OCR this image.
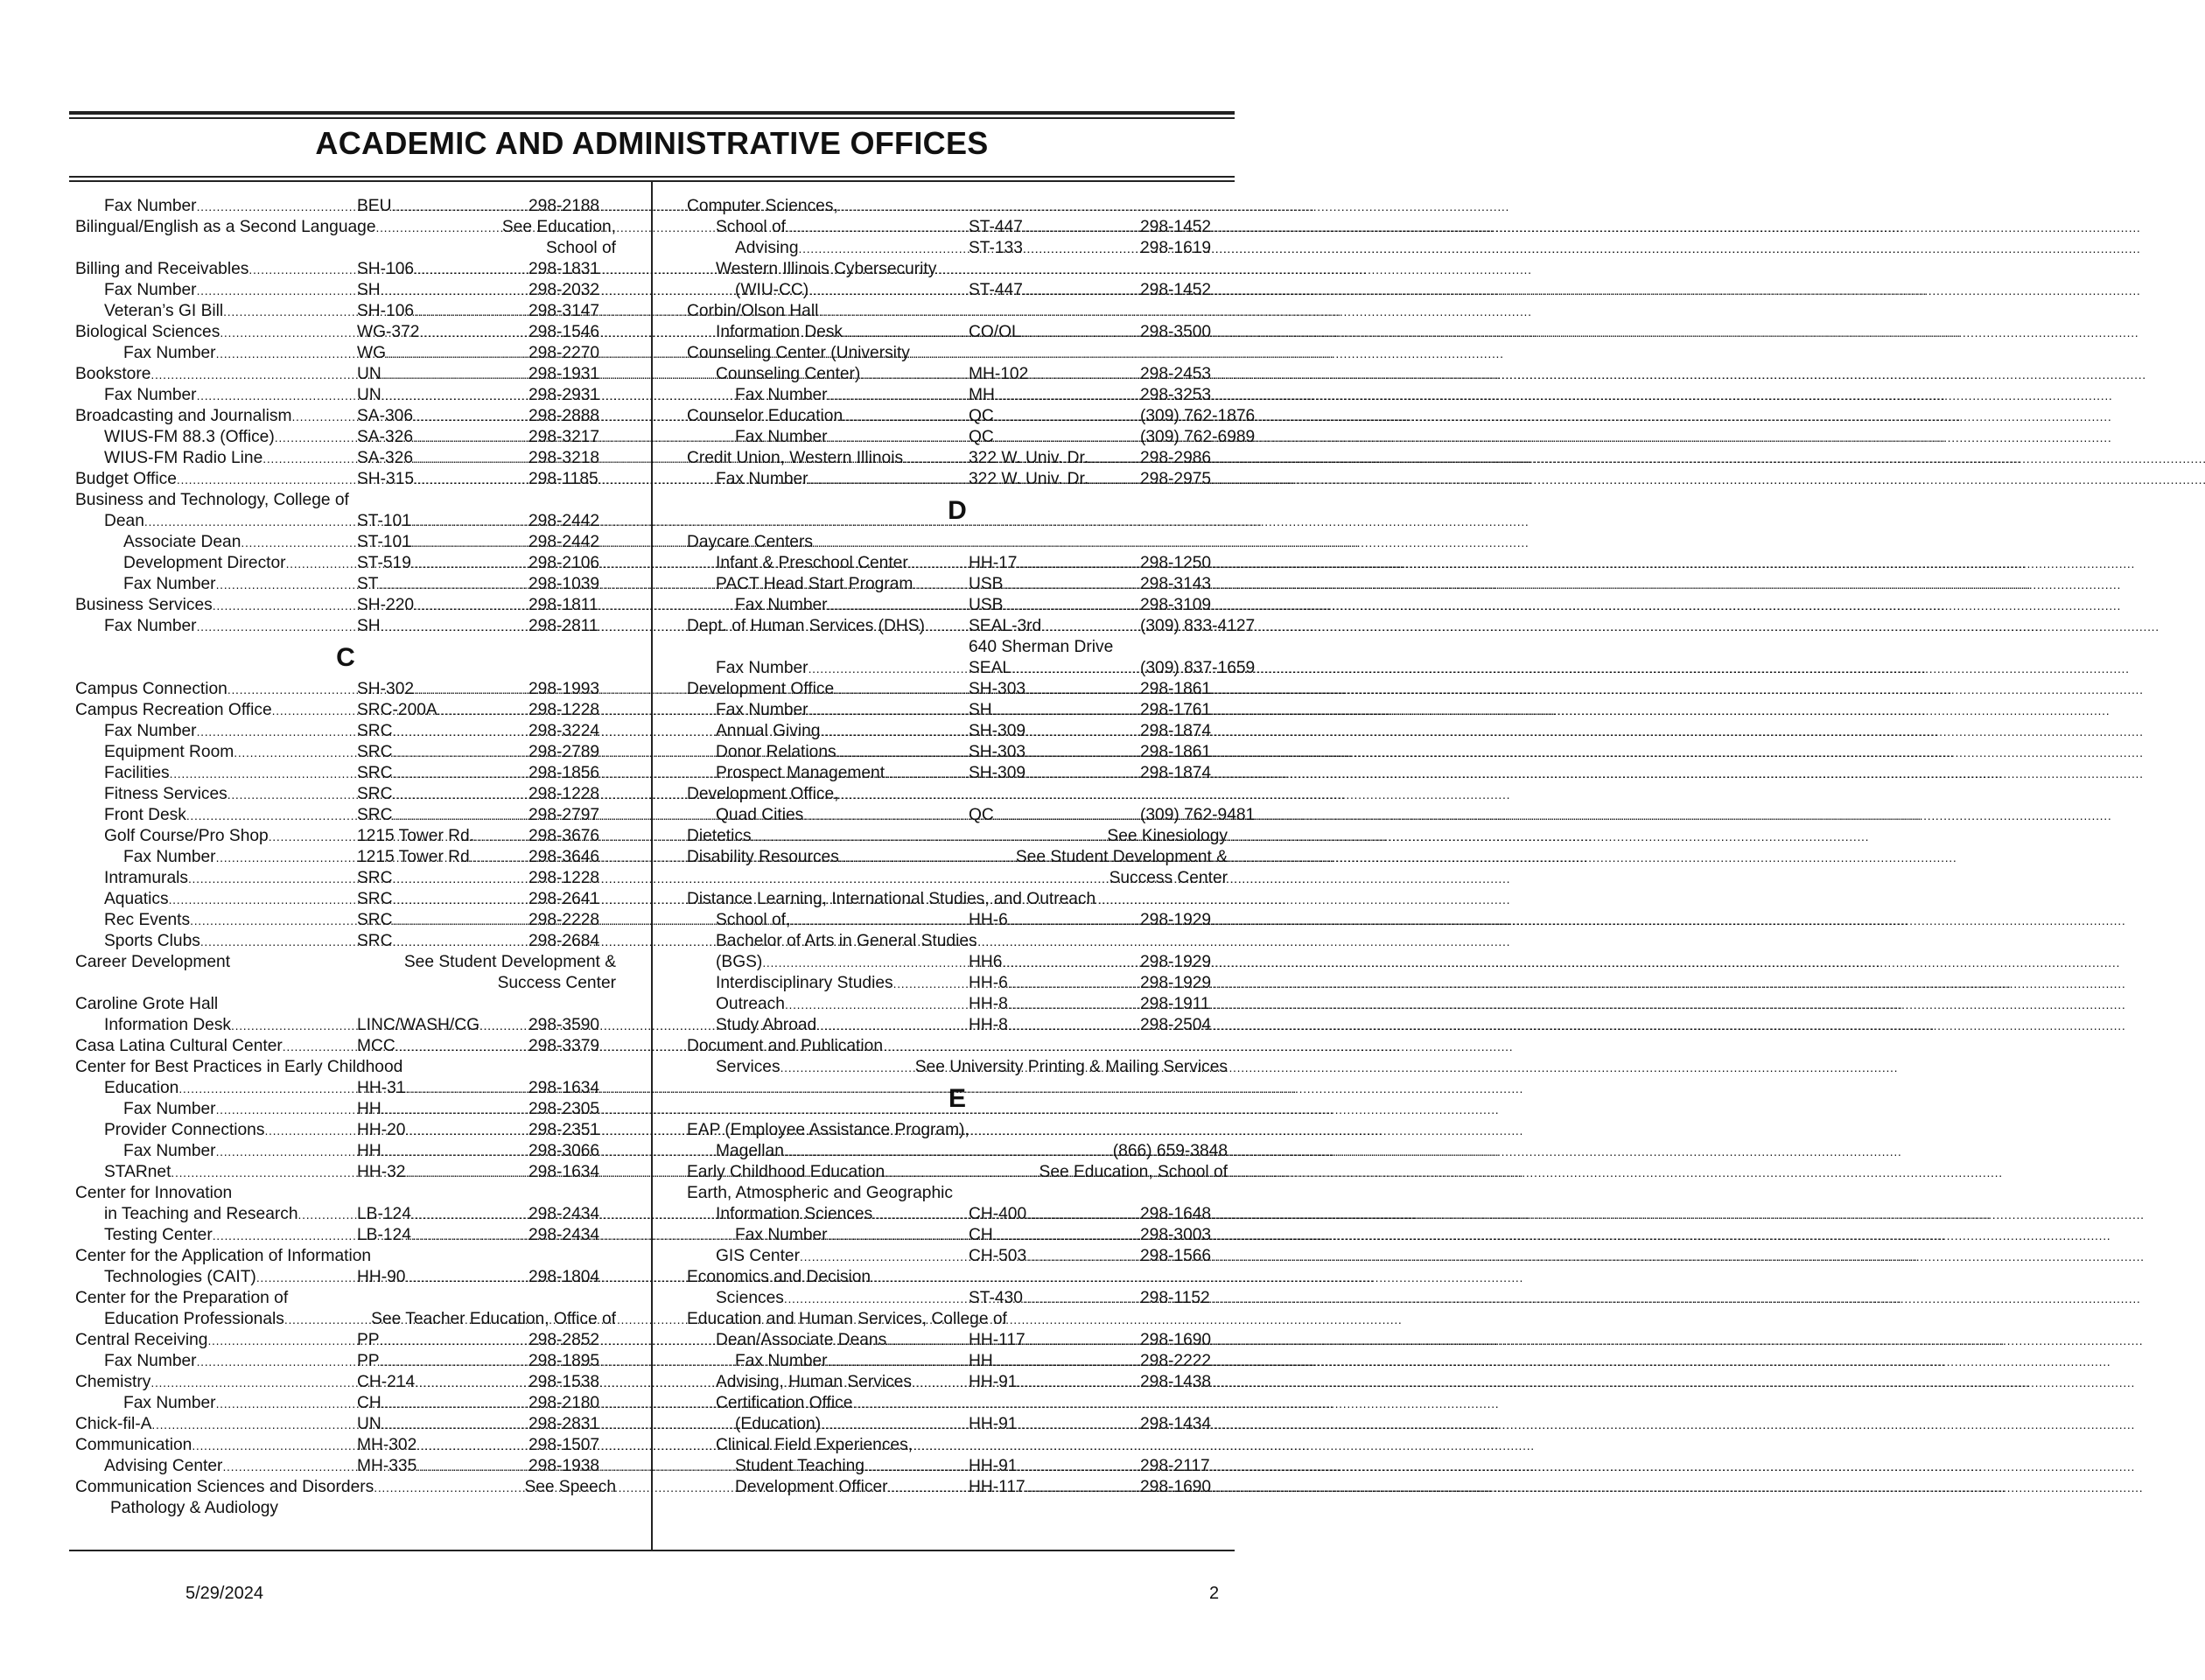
ACADEMIC AND ADMINISTRATIVE OFFICES
Fax Number . . .	BEU . . .	298-2188
Bilingual/English as a Second Language . . .	See Education,
School of
Billing and Receivables . . .	SH-106 . . .	298-1831
Fax Number . . .	SH . . .	298-2032
Veteran’s GI Bill . . .	SH-106 . . .	298-3147
Biological Sciences . . .	WG-372 . . .	298-1546
Fax Number . . .	WG . . .	298-2270
Bookstore . . .	UN . . .	298-1931
Fax Number . . .	UN . . .	298-2931
Broadcasting and Journalism . . .	SA-306 . . .	298-2888
WIUS-FM 88.3 (Office) . . .	SA-326 . . .	298-3217
WIUS-FM Radio Line . . .	SA-326 . . .	298-3218
Budget Office . . .	SH-315 . . .	298-1185
Business and Technology, College of
Dean . . .	ST-101 . . .	298-2442
Associate Dean . . .	ST-101 . . .	298-2442
Development Director . . .	ST-519 . . .	298-2106
Fax Number . . .	ST . . .	298-1039
Business Services . . .	SH-220 . . .	298-1811
Fax Number . . .	SH . . .	298-2811
C
Campus Connection . . .	SH-302 . . .	298-1993
Campus Recreation Office . . .	SRC-200A . . .	298-1228
Fax Number . . .	SRC . . .	298-3224
Equipment Room . . .	SRC . . .	298-2789
Facilities . . .	SRC . . .	298-1856
Fitness Services . . .	SRC . . .	298-1228
Front Desk . . .	SRC . . .	298-2797
Golf Course/Pro Shop . . .	1215 Tower Rd. . . .	298-3676
Fax Number . . .	1215 Tower Rd . . .	298-3646
Intramurals . . .	SRC . . .	298-1228
Aquatics . . .	SRC . . .	298-2641
Rec Events . . .	SRC . . .	298-2228
Sports Clubs . . .	SRC . . .	298-2684
Career Development	See Student Development &
Success Center
Caroline Grote Hall
Information Desk . . .	LINC/WASH/CG . . .	298-3590
Casa Latina Cultural Center . . .	MCC . . .	298-3379
Center for Best Practices in Early Childhood
Education . . .	HH-31 . . .	298-1634
Fax Number . . .	HH . . .	298-2305
Provider Connections . . .	HH-20 . . .	298-2351
Fax Number . . .	HH . . .	298-3066
STARnet . . .	HH-32 . . .	298-1634
Center for Innovation
in Teaching and Research . . .	LB-124 . . .	298-2434
Testing Center . . .	LB-124 . . .	298-2434
Center for the Application of Information
Technologies (CAIT) . . .	HH-90 . . .	298-1804
Center for the Preparation of
Education Professionals . . .	See Teacher Education, Office of
Central Receiving . . .	PP . . .	298-2852
Fax Number . . .	PP . . .	298-1895
Chemistry . . .	CH-214 . . .	298-1538
Fax Number . . .	CH . . .	298-2180
Chick-fil-A . . .	UN . . .	298-2831
Communication . . .	MH-302 . . .	298-1507
Advising Center . . .	MH-335 . . .	298-1938
Communication Sciences and Disorders . . .	See Speech
Pathology & Audiology
Computer Sciences,
School of . . .	ST-447 . . .	298-1452
Advising . . .	ST-133 . . .	298-1619
Western Illinois Cybersecurity
(WIU-CC) . . .	ST-447 . . .	298-1452
Corbin/Olson Hall
Information Desk . . .	CO/OL . . .	298-3500
Counseling Center (University
Counseling Center) . . .	MH-102 . . .	298-2453
Fax Number . . .	MH . . .	298-3253
Counselor Education . . .	QC . . .	(309) 762-1876
Fax Number . . .	QC . . .	(309) 762-6989
Credit Union, Western Illinois . . .	322 W. Univ. Dr. . . .	298-2986
Fax Number . . .	322 W. Univ. Dr. . . .	298-2975
D
Daycare Centers
Infant & Preschool Center . . .	HH-17 . . .	298-1250
PACT Head Start Program . . .	USB . . .	298-3143
Fax Number . . .	USB . . .	298-3109
Dept. of Human Services (DHS) . . .	SEAL-3rd . . .	(309) 833-4127
640 Sherman Drive
Fax Number . . .	SEAL . . .	(309) 837-1659
Development Office . . .	SH-303 . . .	298-1861
Fax Number . . .	SH . . .	298-1761
Annual Giving . . .	SH-309 . . .	298-1874
Donor Relations . . .	SH-303 . . .	298-1861
Prospect Management . . .	SH-309 . . .	298-1874
Development Office,
Quad Cities . . .	QC . . .	(309) 762-9481
Dietetics . . .	See Kinesiology
Disability Resources . . .	See Student Development &
Success Center
Distance Learning, International Studies, and Outreach
School of, . . .	HH-6 . . .	298-1929
Bachelor of Arts in General Studies
(BGS) . . .	HH6 . . .	298-1929
Interdisciplinary Studies . . .	HH-6 . . .	298-1929
Outreach . . .	HH-8 . . .	298-1911
Study Abroad . . .	HH-8 . . .	298-2504
Document and Publication
Services . . .	See University Printing & Mailing Services
E
EAP (Employee Assistance Program),
Magellan . . .	(866) 659-3848
Early Childhood Education . . .	See Education, School of
Earth, Atmospheric and Geographic
Information Sciences . . .	CH-400 . . .	298-1648
Fax Number . . .	CH . . .	298-3003
GIS Center . . .	CH-503 . . .	298-1566
Economics and Decision
Sciences . . .	ST-430 . . .	298-1152
Education and Human Services, College of
Dean/Associate Deans . . .	HH-117 . . .	298-1690
Fax Number . . .	HH . . .	298-2222
Advising, Human Services . . .	HH-91 . . .	298-1438
Certification Office
(Education) . . .	HH-91 . . .	298-1434
Clinical Field Experiences,
Student Teaching . . .	HH-91 . . .	298-2117
Development Officer . . .	HH-117 . . .	298-1690
5/29/2024	2
